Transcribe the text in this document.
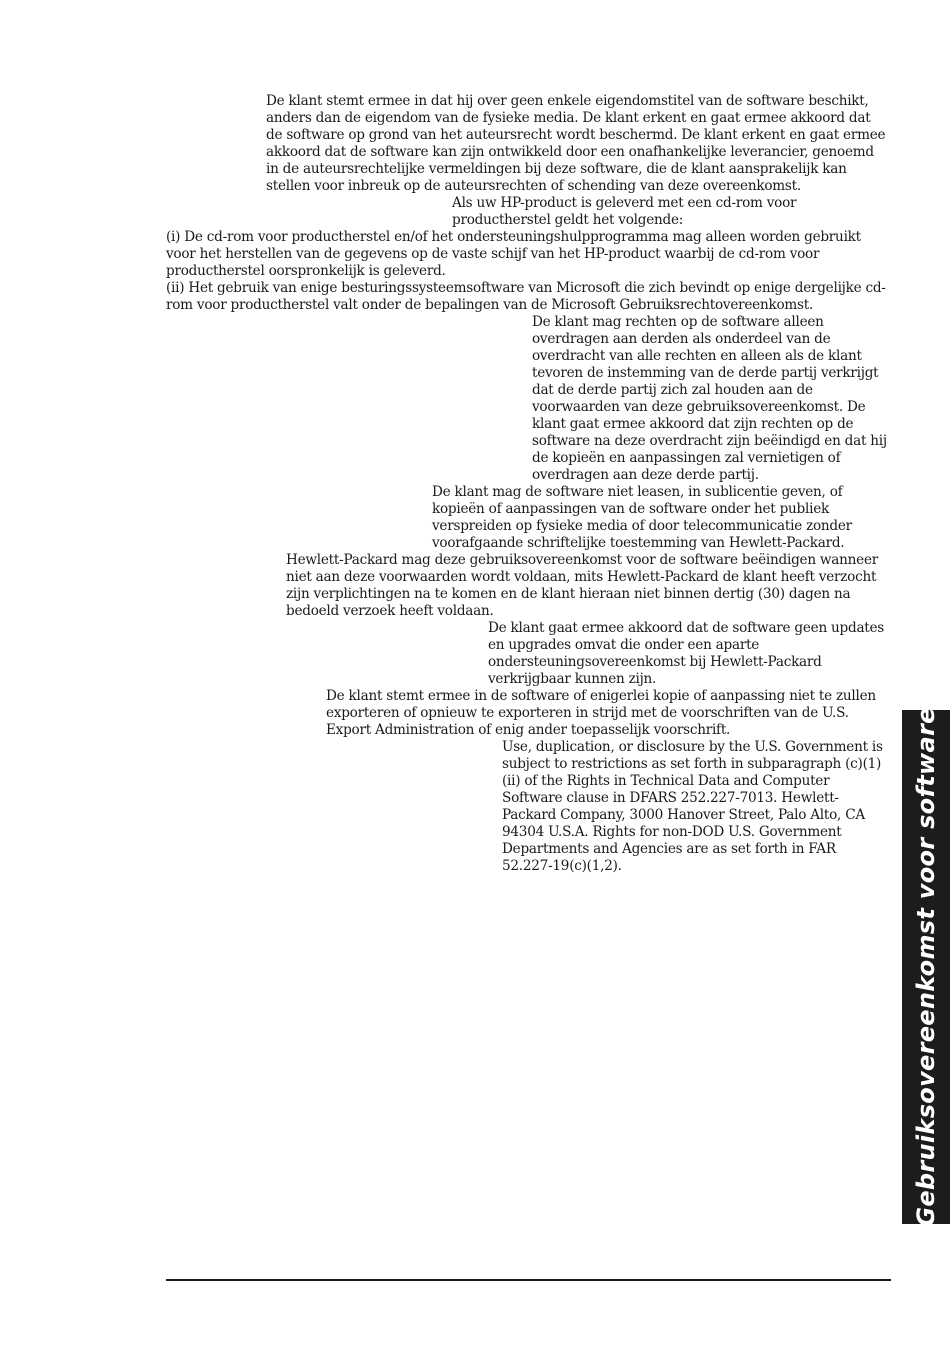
De klant stemt ermee in dat hij over geen enkele eigendomstitel van de software beschikt, anders dan de eigendom van de fysieke media. De klant erkent en gaat ermee akkoord dat de software op grond van het auteursrecht wordt beschermd. De klant erkent en gaat ermee akkoord dat de software kan zijn ontwikkeld door een onafhankelijke leverancier, genoemd in de auteursrechtelijke vermeldingen bij deze software, die de klant aansprakelijk kan stellen voor inbreuk op de auteursrechten of schending van deze overeenkomst.

Als uw HP-product is geleverd met een cd-rom voor productherstel geldt het volgende:

(i) De cd-rom voor productherstel en/of het ondersteuningshulpprogramma mag alleen worden gebruikt voor het herstellen van de gegevens op de vaste schijf van het HP-product waarbij de cd-rom voor productherstel oorspronkelijk is geleverd.

(ii) Het gebruik van enige besturingssysteemsoftware van Microsoft die zich bevindt op enige dergelijke cd-rom voor productherstel valt onder de bepalingen van de Microsoft Gebruiksrechtovereenkomst.

De klant mag rechten op de software alleen overdragen aan derden als onderdeel van de overdracht van alle rechten en alleen als de klant tevoren de instemming van de derde partij verkrijgt dat de derde partij zich zal houden aan de voorwaarden van deze gebruiksovereenkomst. De klant gaat ermee akkoord dat zijn rechten op de software na deze overdracht zijn beëindigd en dat hij de kopieën en aanpassingen zal vernietigen of overdragen aan deze derde partij.

De klant mag de software niet leasen, in sublicentie geven, of kopieën of aanpassingen van de software onder het publiek verspreiden op fysieke media of door telecommunicatie zonder voorafgaande schriftelijke toestemming van Hewlett-Packard.

Hewlett-Packard mag deze gebruiksovereenkomst voor de software beëindigen wanneer niet aan deze voorwaarden wordt voldaan, mits Hewlett-Packard de klant heeft verzocht zijn verplichtingen na te komen en de klant hieraan niet binnen dertig (30) dagen na bedoeld verzoek heeft voldaan.

De klant gaat ermee akkoord dat de software geen updates en upgrades omvat die onder een aparte ondersteuningsovereenkomst bij Hewlett-Packard verkrijgbaar kunnen zijn.

De klant stemt ermee in de software of enigerlei kopie of aanpassing niet te zullen exporteren of opnieuw te exporteren in strijd met de voorschriften van de U.S. Export Administration of enig ander toepasselijk voorschrift.

Use, duplication, or disclosure by the U.S. Government is subject to restrictions as set forth in subparagraph (c)(1)(ii) of the Rights in Technical Data and Computer Software clause in DFARS 252.227-7013. Hewlett-Packard Company, 3000 Hanover Street, Palo Alto, CA 94304 U.S.A. Rights for non-DOD U.S. Government Departments and Agencies are as set forth in FAR 52.227-19(c)(1,2).	Gebruiksovereenkomst voor software
